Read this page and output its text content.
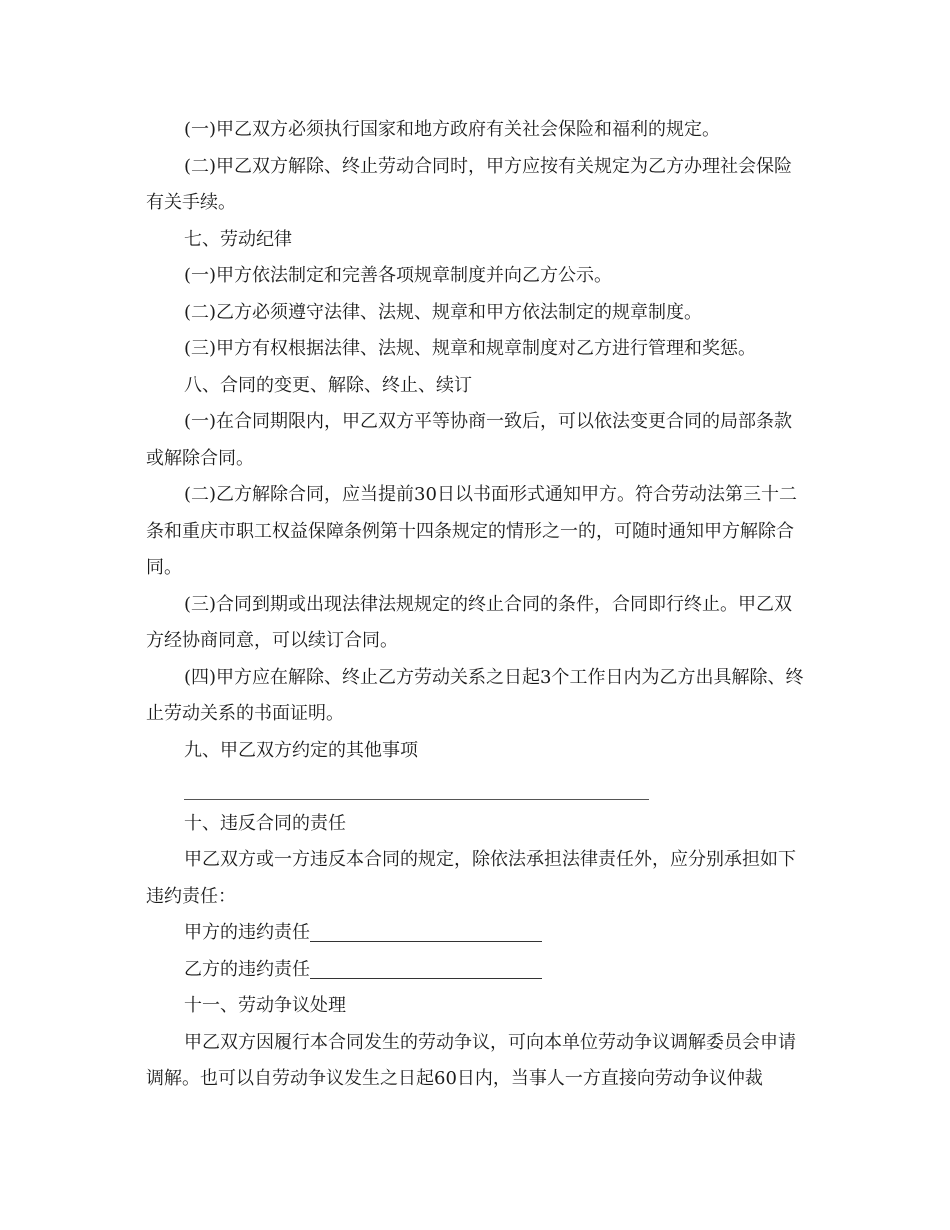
(一)甲乙双方必须执行国家和地方政府有关社会保险和福利的规定。

(二)甲乙双方解除、终止劳动合同时，甲方应按有关规定为乙方办理社会保险有关手续。

七、劳动纪律

(一)甲方依法制定和完善各项规章制度并向乙方公示。

(二)乙方必须遵守法律、法规、规章和甲方依法制定的规章制度。

(三)甲方有权根据法律、法规、规章和规章制度对乙方进行管理和奖惩。

八、合同的变更、解除、终止、续订

(一)在合同期限内，甲乙双方平等协商一致后，可以依法变更合同的局部条款或解除合同。

(二)乙方解除合同，应当提前30日以书面形式通知甲方。符合劳动法第三十二条和重庆市职工权益保障条例第十四条规定的情形之一的，可随时通知甲方解除合同。

(三)合同到期或出现法律法规规定的终止合同的条件，合同即行终止。甲乙双方经协商同意，可以续订合同。

(四)甲方应在解除、终止乙方劳动关系之日起3个工作日内为乙方出具解除、终止劳动关系的书面证明。

九、甲乙双方约定的其他事项

十、违反合同的责任

甲乙双方或一方违反本合同的规定，除依法承担法律责任外，应分别承担如下违约责任：

甲方的违约责任

乙方的违约责任

十一、劳动争议处理

甲乙双方因履行本合同发生的劳动争议，可向本单位劳动争议调解委员会申请调解。也可以自劳动争议发生之日起60日内，当事人一方直接向劳动争议仲裁
